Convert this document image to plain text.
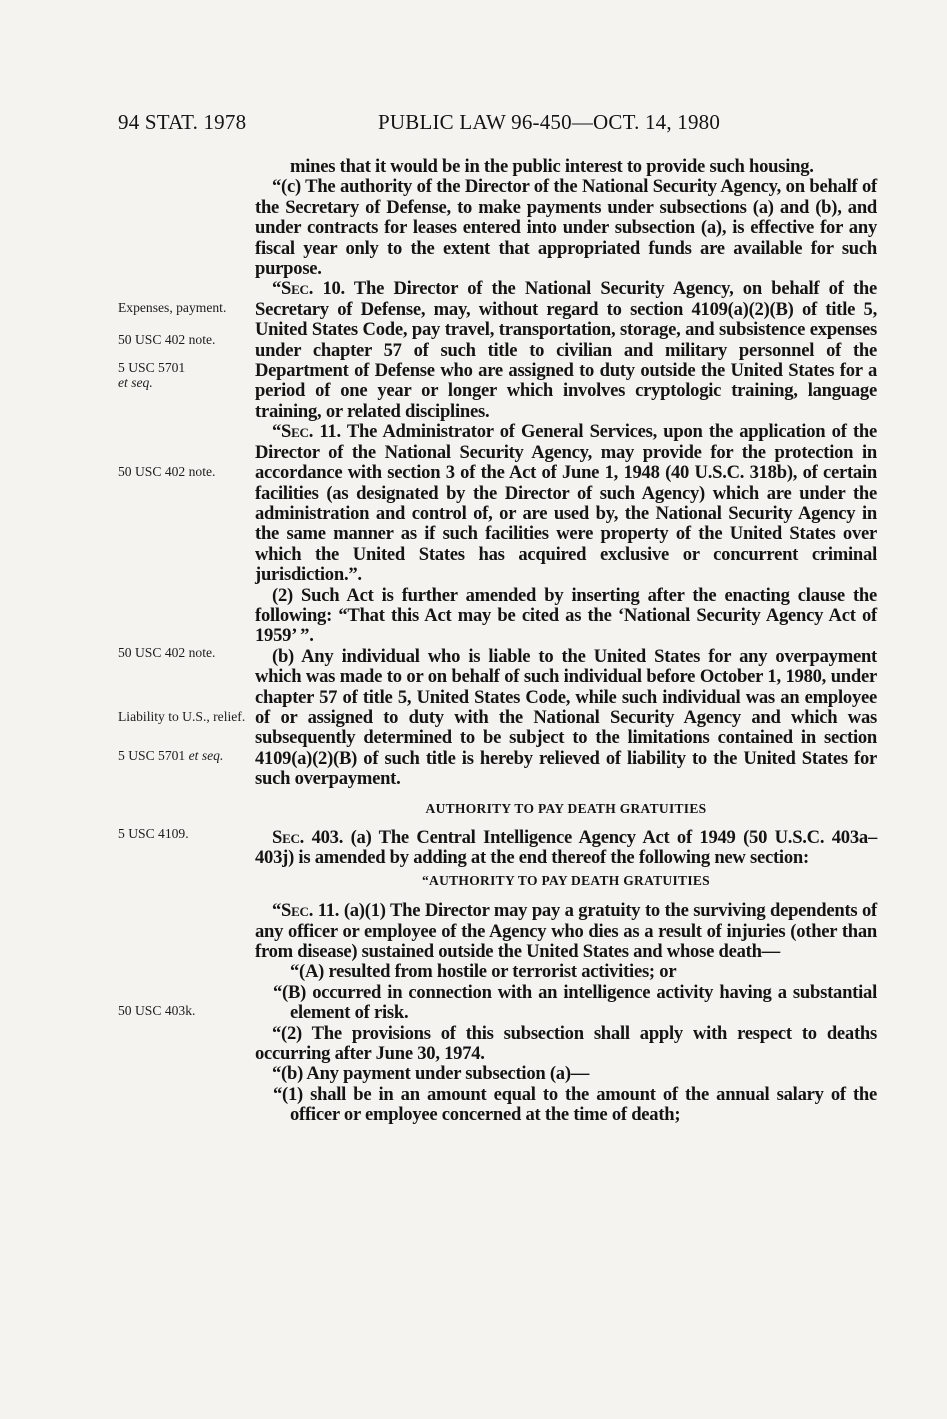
94 STAT. 1978	PUBLIC LAW 96-450—OCT. 14, 1980
Expenses, payment.
50 USC 402 note.
5 USC 5701
et seq.
50 USC 402 note.
50 USC 402 note.
Liability to U.S., relief.
5 USC 5701 et seq.
5 USC 4109.
50 USC 403k.

mines that it would be in the public interest to provide such housing.

“(c) The authority of the Director of the National Security Agency, on behalf of the Secretary of Defense, to make payments under subsections (a) and (b), and under contracts for leases entered into under subsection (a), is effective for any fiscal year only to the extent that appropriated funds are available for such purpose.

“Sec. 10. The Director of the National Security Agency, on behalf of the Secretary of Defense, may, without regard to section 4109(a)(2)(B) of title 5, United States Code, pay travel, transportation, storage, and subsistence expenses under chapter 57 of such title to civilian and military personnel of the Department of Defense who are assigned to duty outside the United States for a period of one year or longer which involves cryptologic training, language training, or related disciplines.

“Sec. 11. The Administrator of General Services, upon the application of the Director of the National Security Agency, may provide for the protection in accordance with section 3 of the Act of June 1, 1948 (40 U.S.C. 318b), of certain facilities (as designated by the Director of such Agency) which are under the administration and control of, or are used by, the National Security Agency in the same manner as if such facilities were property of the United States over which the United States has acquired exclusive or concurrent criminal jurisdiction.”.

(2) Such Act is further amended by inserting after the enacting clause the following: “That this Act may be cited as the ‘National Security Agency Act of 1959’ ”.

(b) Any individual who is liable to the United States for any overpayment which was made to or on behalf of such individual before October 1, 1980, under chapter 57 of title 5, United States Code, while such individual was an employee of or assigned to duty with the National Security Agency and which was subsequently determined to be subject to the limitations contained in section 4109(a)(2)(B) of such title is hereby relieved of liability to the United States for such overpayment.

AUTHORITY TO PAY DEATH GRATUITIES

Sec. 403. (a) The Central Intelligence Agency Act of 1949 (50 U.S.C. 403a–403j) is amended by adding at the end thereof the following new section:

“AUTHORITY TO PAY DEATH GRATUITIES

“Sec. 11. (a)(1) The Director may pay a gratuity to the surviving dependents of any officer or employee of the Agency who dies as a result of injuries (other than from disease) sustained outside the United States and whose death—

“(A) resulted from hostile or terrorist activities; or

“(B) occurred in connection with an intelligence activity having a substantial element of risk.

“(2) The provisions of this subsection shall apply with respect to deaths occurring after June 30, 1974.

“(b) Any payment under subsection (a)—

“(1) shall be in an amount equal to the amount of the annual salary of the officer or employee concerned at the time of death;
